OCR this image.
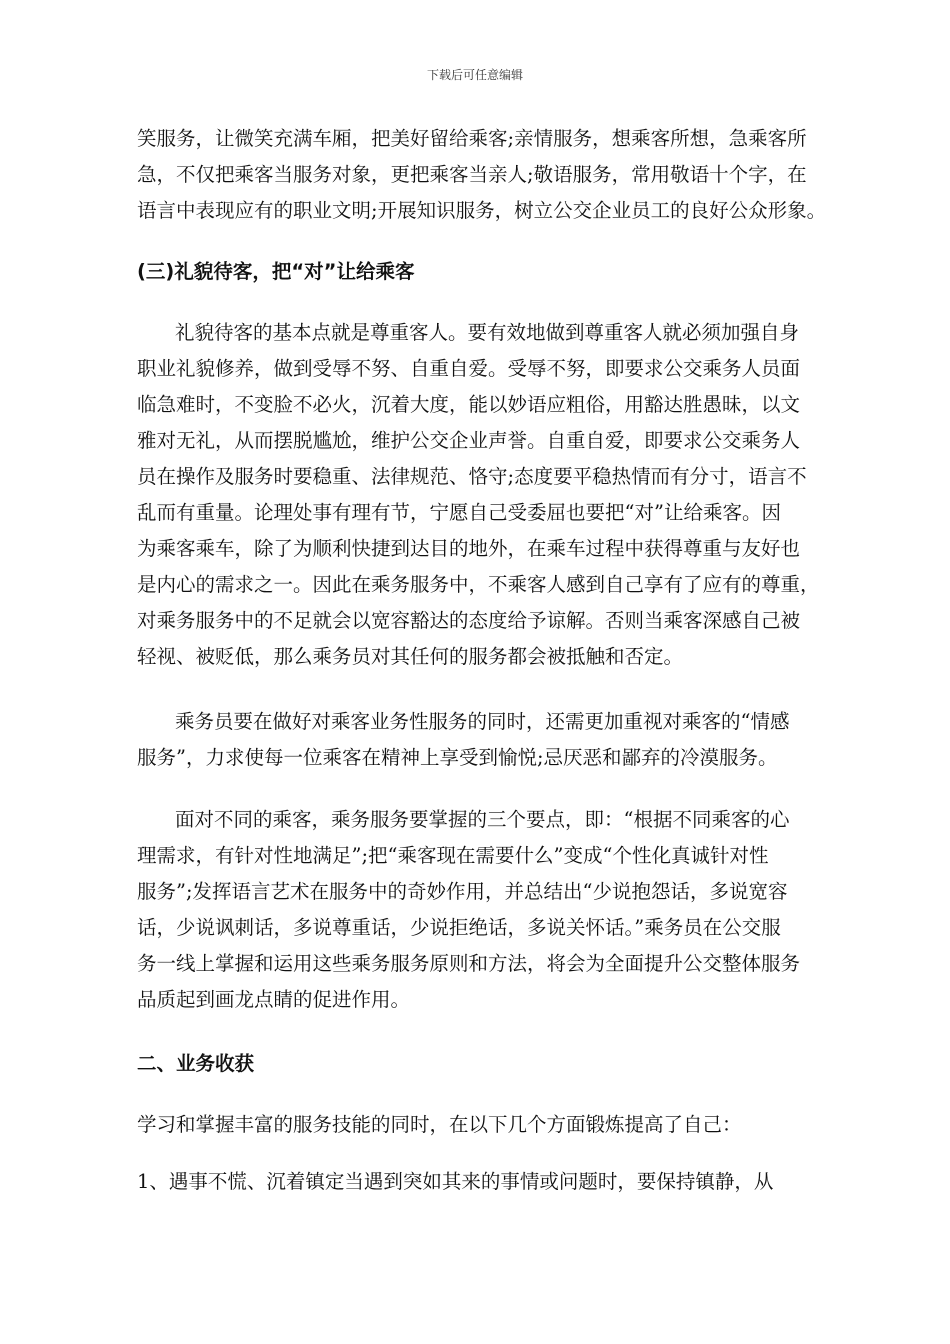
下载后可任意编辑
笑服务，让微笑充满车厢，把美好留给乘客;亲情服务，想乘客所想，急乘客所
急，不仅把乘客当服务对象，更把乘客当亲人;敬语服务，常用敬语十个字，在
语言中表现应有的职业文明;开展知识服务，树立公交企业员工的良好公众形象。
(三)礼貌待客，把“对”让给乘客
礼貌待客的基本点就是尊重客人。要有效地做到尊重客人就必须加强自身
职业礼貌修养，做到受辱不努、自重自爱。受辱不努，即要求公交乘务人员面
临急难时，不变脸不必火，沉着大度，能以妙语应粗俗，用豁达胜愚昧，以文
雅对无礼，从而摆脱尴尬，维护公交企业声誉。自重自爱，即要求公交乘务人
员在操作及服务时要稳重、法律规范、恪守;态度要平稳热情而有分寸，语言不
乱而有重量。论理处事有理有节，宁愿自己受委屈也要把“对”让给乘客。因
为乘客乘车，除了为顺利快捷到达目的地外，在乘车过程中获得尊重与友好也
是内心的需求之一。因此在乘务服务中，不乘客人感到自己享有了应有的尊重，
对乘务服务中的不足就会以宽容豁达的态度给予谅解。否则当乘客深感自己被
轻视、被贬低，那么乘务员对其任何的服务都会被抵触和否定。
乘务员要在做好对乘客业务性服务的同时，还需更加重视对乘客的“情感
服务”，力求使每一位乘客在精神上享受到愉悦;忌厌恶和鄙弃的冷漠服务。
面对不同的乘客，乘务服务要掌握的三个要点，即：“根据不同乘客的心
理需求，有针对性地满足”;把“乘客现在需要什么”变成“个性化真诚针对性
服务”;发挥语言艺术在服务中的奇妙作用，并总结出“少说抱怨话，多说宽容
话，少说讽刺话，多说尊重话，少说拒绝话，多说关怀话。”乘务员在公交服
务一线上掌握和运用这些乘务服务原则和方法，将会为全面提升公交整体服务
品质起到画龙点睛的促进作用。
二、业务收获
学习和掌握丰富的服务技能的同时，在以下几个方面锻炼提高了自己：
1、遇事不慌、沉着镇定当遇到突如其来的事情或问题时，要保持镇静，从
